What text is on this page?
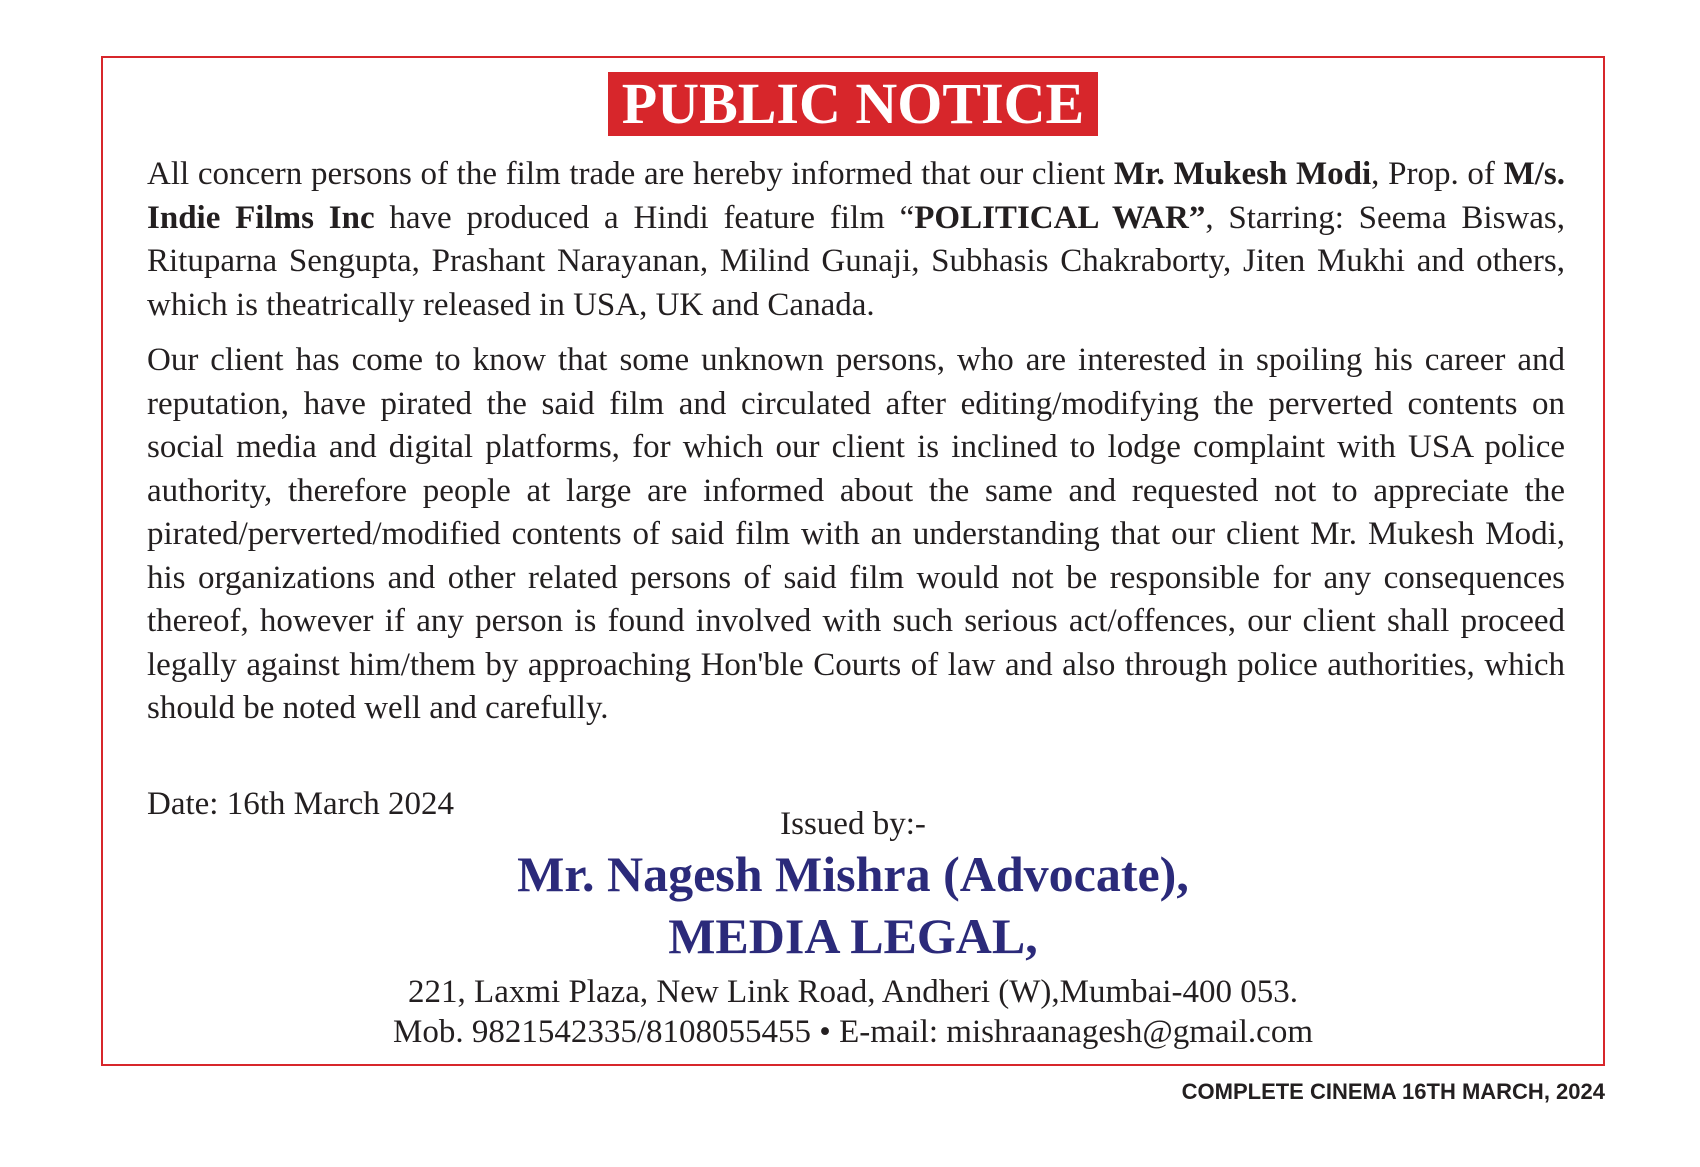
PUBLIC NOTICE
All concern persons of the film trade are hereby informed that our client Mr. Mukesh Modi, Prop. of M/s. Indie Films Inc have produced a Hindi feature film “POLITICAL WAR”, Starring: Seema Biswas, Rituparna Sengupta, Prashant Narayanan, Milind Gunaji, Subhasis Chakraborty, Jiten Mukhi and others, which is theatrically released in USA, UK and Canada.
Our client has come to know that some unknown persons, who are interested in spoiling his career and reputation, have pirated the said film and circulated after editing/modifying the perverted contents on social media and digital platforms, for which our client is inclined to lodge complaint with USA police authority, therefore people at large are informed about the same and requested not to appreciate the pirated/perverted/modified contents of said film with an understanding that our client Mr. Mukesh Modi, his organizations and other related persons of said film would not be responsible for any consequences thereof, however if any person is found involved with such serious act/offences, our client shall proceed legally against him/them by approaching Hon'ble Courts of law and also through police authorities, which should be noted well and carefully.
Date: 16th March 2024
Issued by:-
Mr. Nagesh Mishra (Advocate),
MEDIA LEGAL,
221, Laxmi Plaza, New Link Road, Andheri (W),Mumbai-400 053.
Mob. 9821542335/8108055455 • E-mail: mishraanagesh@gmail.com
COMPLETE CINEMA 16TH MARCH, 2024
